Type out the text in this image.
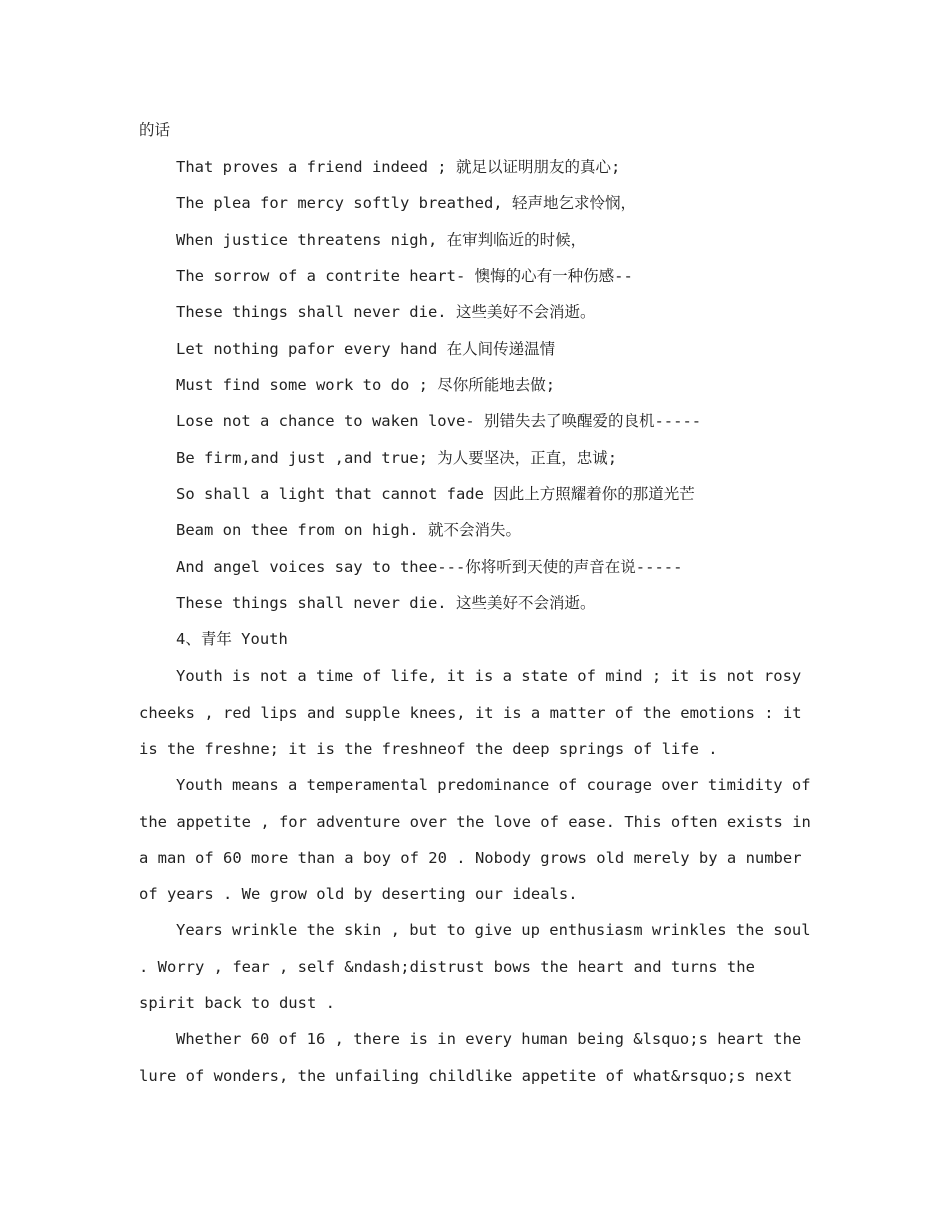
的话
That proves a friend indeed ; 就足以证明朋友的真心;
The plea for mercy softly breathed, 轻声地乞求怜悯，
When justice threatens nigh, 在审判临近的时候，
The sorrow of a contrite heart- 懊悔的心有一种伤感--
These things shall never die. 这些美好不会消逝。
Let nothing pafor every hand 在人间传递温情
Must find some work to do ; 尽你所能地去做;
Lose not a chance to waken love- 别错失去了唤醒爱的良机-----
Be firm,and just ,and true; 为人要坚决，正直，忠诚;
So shall a light that cannot fade 因此上方照耀着你的那道光芒
Beam on thee from on high. 就不会消失。
And angel voices say to thee---你将听到天使的声音在说-----
These things shall never die. 这些美好不会消逝。
4、青年 Youth
Youth is not a time of life, it is a state of mind ; it is not rosy
cheeks , red lips and supple knees, it is a matter of the emotions : it
is the freshne; it is the freshneof the deep springs of life .
Youth means a temperamental predominance of courage over timidity of
the appetite , for adventure over the love of ease. This often exists in
a man of 60 more than a boy of 20 . Nobody grows old merely by a number
of years . We grow old by deserting our ideals.
Years wrinkle the skin , but to give up enthusiasm wrinkles the soul
. Worry , fear , self &ndash;distrust bows the heart and turns the
spirit back to dust .
Whether 60 of 16 , there is in every human being &lsquo;s heart the
lure of wonders, the unfailing childlike appetite of what&rsquo;s next
